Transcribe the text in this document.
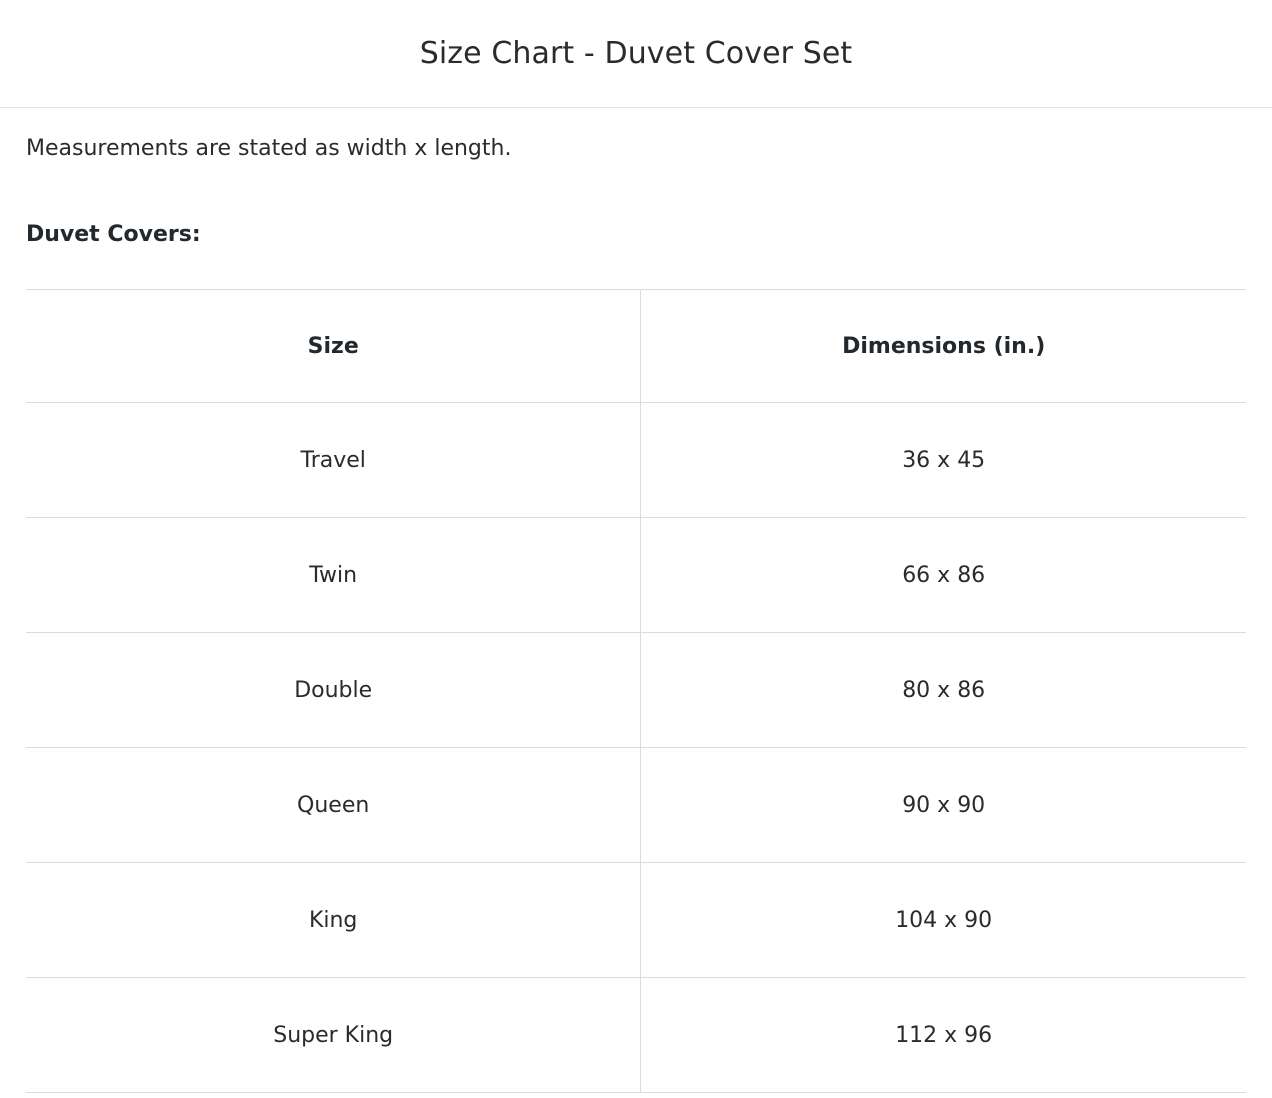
Size Chart - Duvet Cover Set

Measurements are stated as width x length.

Duvet Covers:

Size	Dimensions (in.)
Travel	36 x 45
Twin	66 x 86
Double	80 x 86
Queen	90 x 90
King	104 x 90
Super King	112 x 96
